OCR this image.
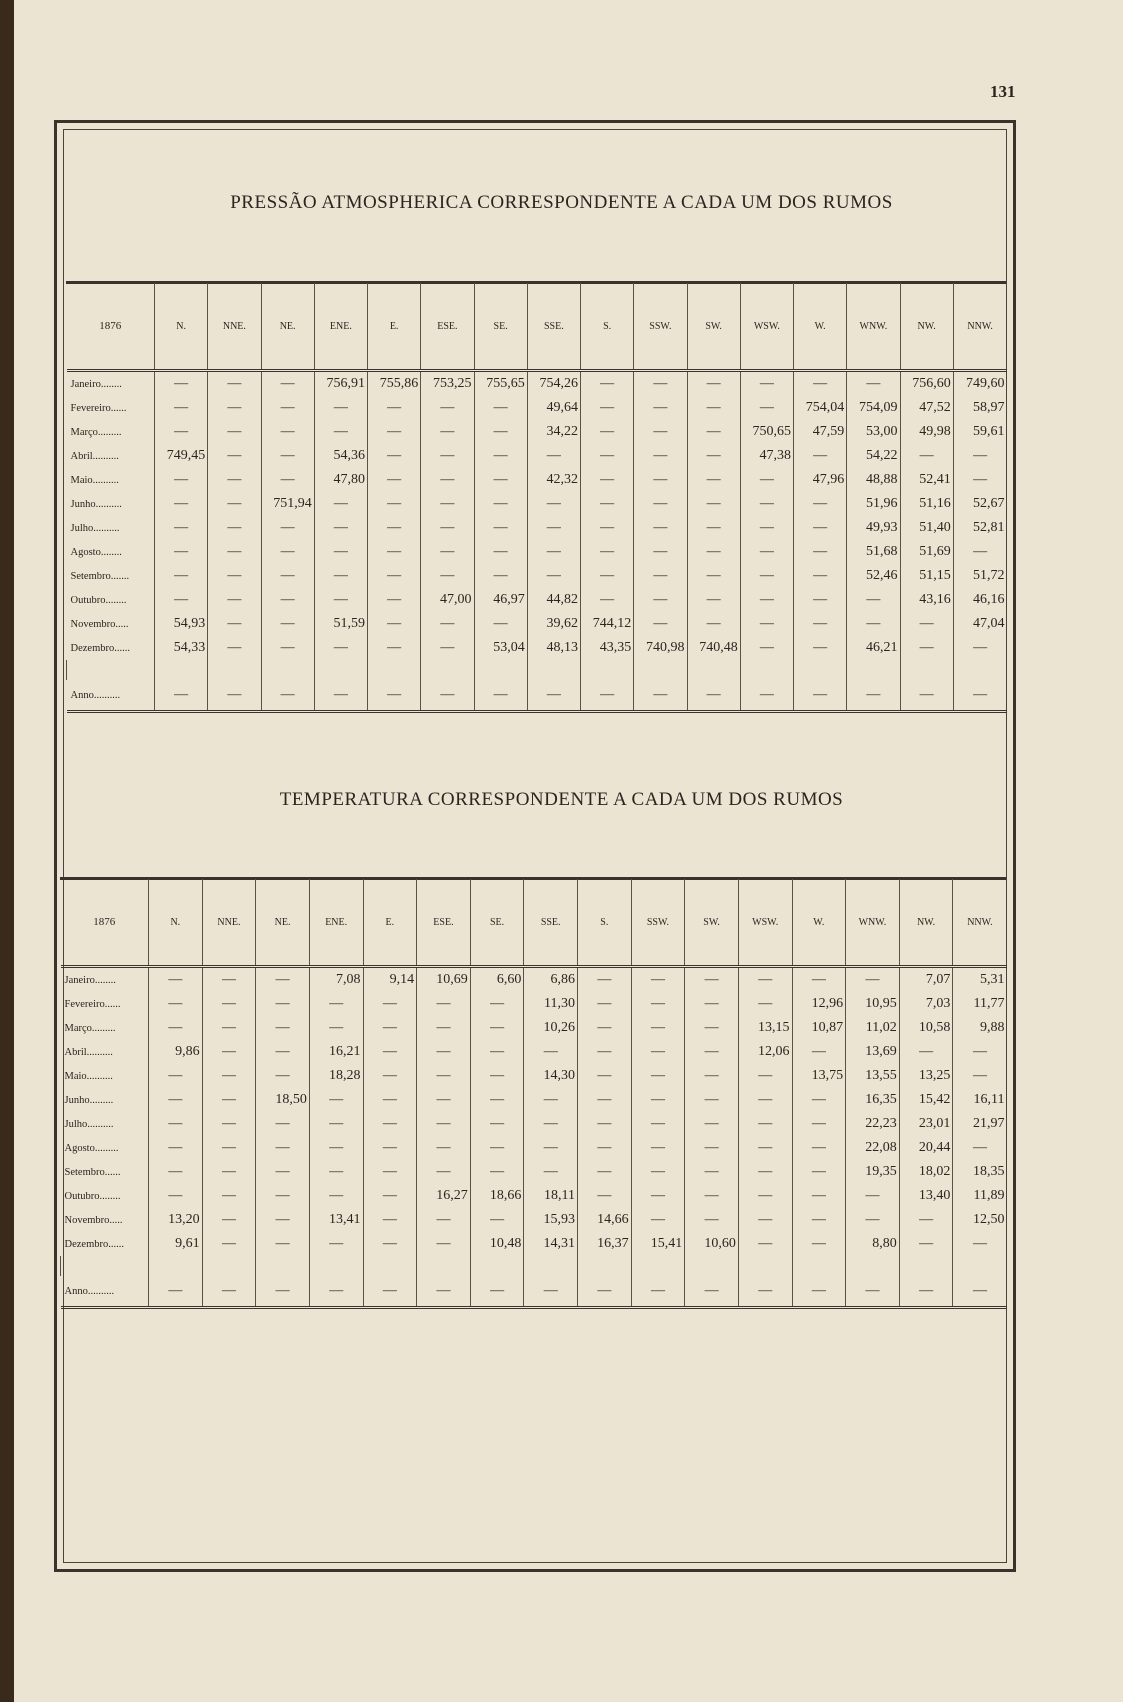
131
PRESSÃO ATMOSPHERICA CORRESPONDENTE A CADA UM DOS RUMOS
1876	N.	NNE.	NE.	ENE.	E.	ESE.	SE.	SSE.	S.	SSW.	SW.	WSW.	W.	WNW.	NW.	NNW.
Janeiro........	—	—	—	756,91	755,86	753,25	755,65	754,26	—	—	—	—	—	—	756,60	749,60
Fevereiro......	—	—	—	—	—	—	—	49,64	—	—	—	—	754,04	754,09	47,52	58,97
Março.........	—	—	—	—	—	—	—	34,22	—	—	—	750,65	47,59	53,00	49,98	59,61
Abril..........	749,45	—	—	54,36	—	—	—	—	—	—	—	47,38	—	54,22	—	—
Maio..........	—	—	—	47,80	—	—	—	42,32	—	—	—	—	47,96	48,88	52,41	—
Junho..........	—	—	751,94	—	—	—	—	—	—	—	—	—	—	51,96	51,16	52,67
Julho..........	—	—	—	—	—	—	—	—	—	—	—	—	—	49,93	51,40	52,81
Agosto........	—	—	—	—	—	—	—	—	—	—	—	—	—	51,68	51,69	—
Setembro.......	—	—	—	—	—	—	—	—	—	—	—	—	—	52,46	51,15	51,72
Outubro........	—	—	—	—	—	47,00	46,97	44,82	—	—	—	—	—	—	43,16	46,16
Novembro.....	54,93	—	—	51,59	—	—	—	39,62	744,12	—	—	—	—	—	—	47,04
Dezembro......	54,33	—	—	—	—	—	53,04	48,13	43,35	740,98	740,48	—	—	46,21	—	—

Anno..........	—	—	—	—	—	—	—	—	—	—	—	—	—	—	—	—
TEMPERATURA CORRESPONDENTE A CADA UM DOS RUMOS
1876	N.	NNE.	NE.	ENE.	E.	ESE.	SE.	SSE.	S.	SSW.	SW.	WSW.	W.	WNW.	NW.	NNW.
Janeiro........	—	—	—	7,08	9,14	10,69	6,60	6,86	—	—	—	—	—	—	7,07	5,31
Fevereiro......	—	—	—	—	—	—	—	11,30	—	—	—	—	12,96	10,95	7,03	11,77
Março.........	—	—	—	—	—	—	—	10,26	—	—	—	13,15	10,87	11,02	10,58	9,88
Abril..........	9,86	—	—	16,21	—	—	—	—	—	—	—	12,06	—	13,69	—	—
Maio..........	—	—	—	18,28	—	—	—	14,30	—	—	—	—	13,75	13,55	13,25	—
Junho.........	—	—	18,50	—	—	—	—	—	—	—	—	—	—	16,35	15,42	16,11
Julho..........	—	—	—	—	—	—	—	—	—	—	—	—	—	22,23	23,01	21,97
Agosto.........	—	—	—	—	—	—	—	—	—	—	—	—	—	22,08	20,44	—
Setembro......	—	—	—	—	—	—	—	—	—	—	—	—	—	19,35	18,02	18,35
Outubro........	—	—	—	—	—	16,27	18,66	18,11	—	—	—	—	—	—	13,40	11,89
Novembro.....	13,20	—	—	13,41	—	—	—	15,93	14,66	—	—	—	—	—	—	12,50
Dezembro......	9,61	—	—	—	—	—	10,48	14,31	16,37	15,41	10,60	—	—	8,80	—	—

Anno..........	—	—	—	—	—	—	—	—	—	—	—	—	—	—	—	—
